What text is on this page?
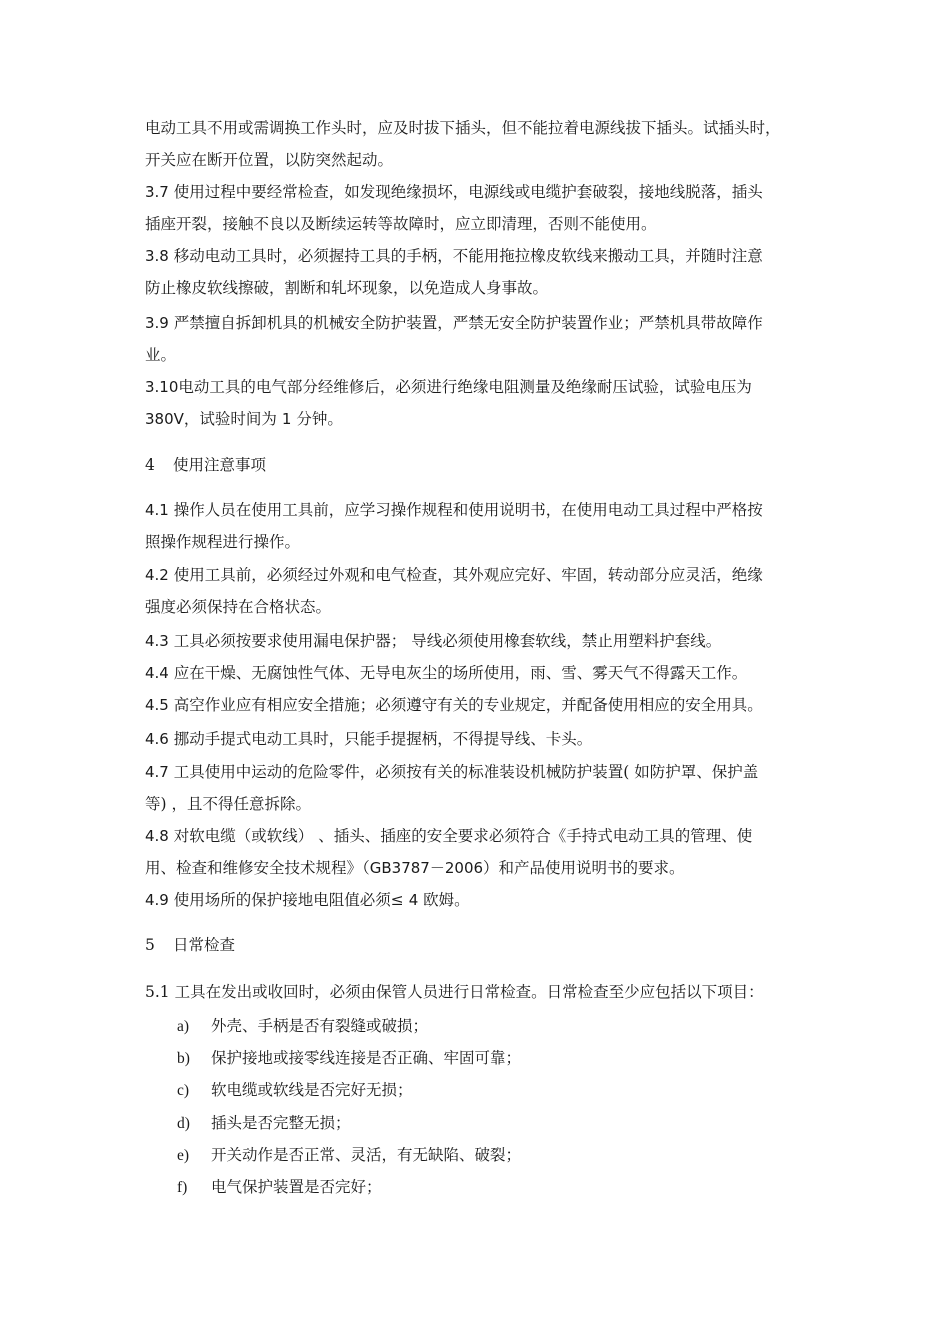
电动工具不用或需调换工作头时，应及时拔下插头，但不能拉着电源线拔下插头。试插头时，
开关应在断开位置，以防突然起动。
3.7 使用过程中要经常检查，如发现绝缘损坏，电源线或电缆护套破裂，接地线脱落，插头
插座开裂，接触不良以及断续运转等故障时，应立即清理，否则不能使用。
3.8 移动电动工具时，必须握持工具的手柄，不能用拖拉橡皮软线来搬动工具，并随时注意
防止橡皮软线擦破，割断和轧坏现象，以免造成人身事故。
3.9 严禁擅自拆卸机具的机械安全防护装置，严禁无安全防护装置作业；严禁机具带故障作
业。
3.10电动工具的电气部分经维修后，必须进行绝缘电阻测量及绝缘耐压试验，试验电压为
380V，试验时间为 1 分钟。
4 使用注意事项
4.1 操作人员在使用工具前，应学习操作规程和使用说明书，在使用电动工具过程中严格按
照操作规程进行操作。
4.2 使用工具前，必须经过外观和电气检查，其外观应完好、牢固，转动部分应灵活，绝缘
强度必须保持在合格状态。
4.3 工具必须按要求使用漏电保护器； 导线必须使用橡套软线，禁止用塑料护套线。
4.4 应在干燥、无腐蚀性气体、无导电灰尘的场所使用，雨、雪、雾天气不得露天工作。
4.5 高空作业应有相应安全措施；必须遵守有关的专业规定，并配备使用相应的安全用具。
4.6 挪动手提式电动工具时，只能手提握柄，不得提导线、卡头。
4.7 工具使用中运动的危险零件，必须按有关的标准装设机械防护装置( 如防护罩、保护盖
等) ，且不得任意拆除。
4.8 对软电缆（或软线） 、插头、插座的安全要求必须符合《手持式电动工具的管理、使
用、检查和维修安全技术规程》（GB3787－2006）和产品使用说明书的要求。
4.9 使用场所的保护接地电阻值必须≤ 4 欧姆。
5 日常检查
5.1 工具在发出或收回时，必须由保管人员进行日常检查。日常检查至少应包括以下项目：
a) 外壳、手柄是否有裂缝或破损；
b) 保护接地或接零线连接是否正确、牢固可靠；
c) 软电缆或软线是否完好无损；
d) 插头是否完整无损；
e) 开关动作是否正常、灵活，有无缺陷、破裂；
f) 电气保护装置是否完好；
